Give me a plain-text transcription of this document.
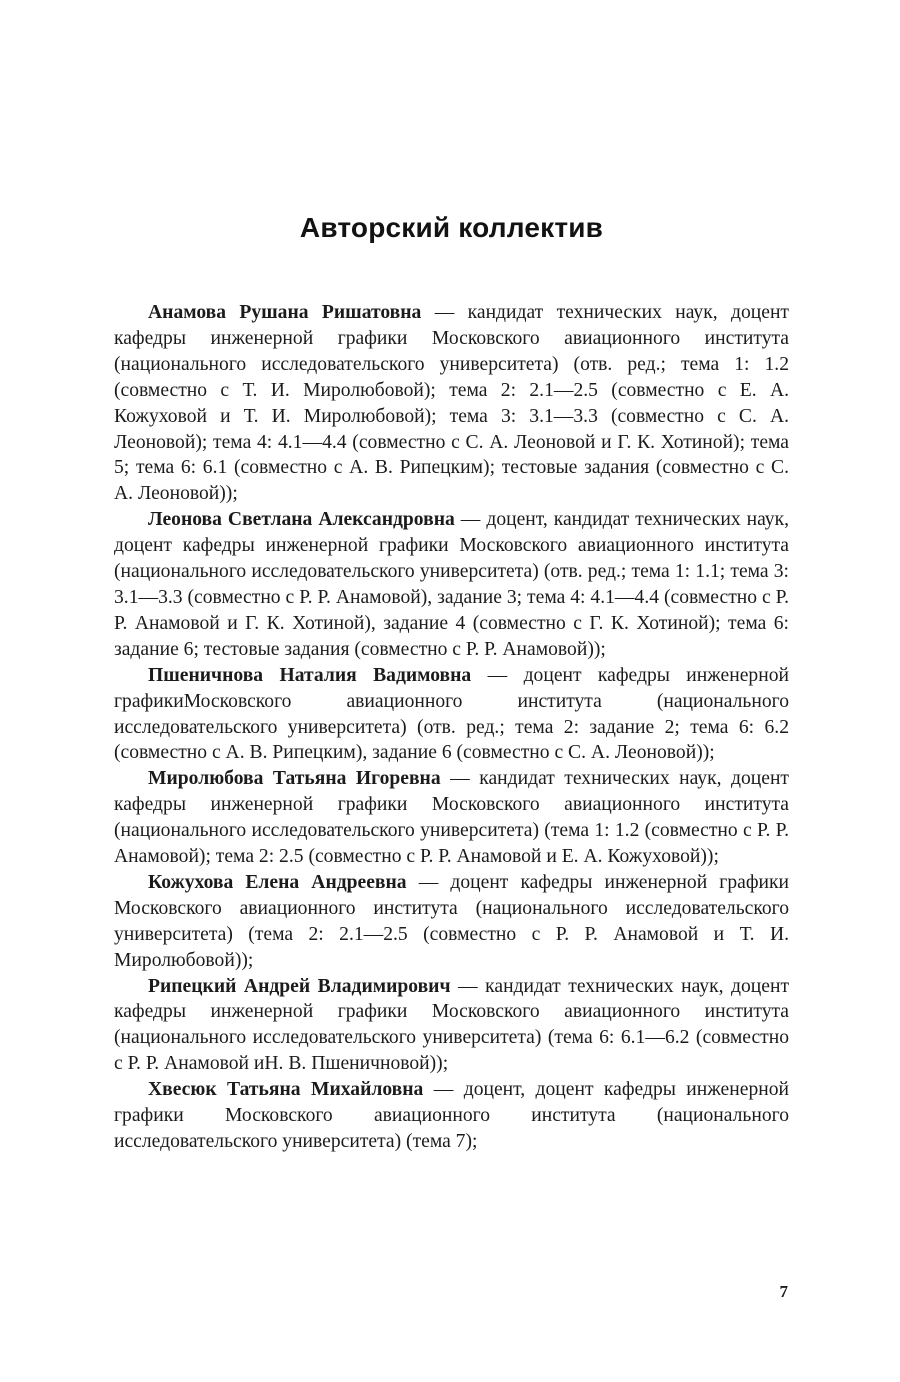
Авторский коллектив

Анамова Рушана Ришатовна — кандидат технических наук, доцент кафедры инженерной графики Московского авиационного института (национального исследовательского университета) (отв. ред.; тема 1: 1.2 (совместно с Т. И. Миролюбовой); тема 2: 2.1—2.5 (совместно с Е. А. Кожуховой и Т. И. Миролюбовой); тема 3: 3.1—3.3 (совместно с С. А. Леоновой); тема 4: 4.1—4.4 (совместно с С. А. Леоновой и Г. К. Хотиной); тема 5; тема 6: 6.1 (совместно с А. В. Рипецким); тестовые задания (совместно с С. А. Леоновой));

Леонова Светлана Александровна — доцент, кандидат технических наук, доцент кафедры инженерной графики Московского авиационного института (национального исследовательского университета) (отв. ред.; тема 1: 1.1; тема 3: 3.1—3.3 (совместно с Р. Р. Анамовой), задание 3; тема 4: 4.1—4.4 (совместно с Р. Р. Анамовой и Г. К. Хотиной), задание 4 (совместно с Г. К. Хотиной); тема 6: задание 6; тестовые задания (совместно с Р. Р. Анамовой));

Пшеничнова Наталия Вадимовна — доцент кафедры инженерной графикиМосковского авиационного института (национального исследовательского университета) (отв. ред.; тема 2: задание 2; тема 6: 6.2 (совместно с А. В. Рипецким), задание 6 (совместно с С. А. Леоновой));

Миролюбова Татьяна Игоревна — кандидат технических наук, доцент кафедры инженерной графики Московского авиационного института (национального исследовательского университета) (тема 1: 1.2 (совместно с Р. Р. Анамовой); тема 2: 2.5 (совместно с Р. Р. Анамовой и Е. А. Кожуховой));

Кожухова Елена Андреевна — доцент кафедры инженерной графики Московского авиационного института (национального исследовательского университета) (тема 2: 2.1—2.5 (совместно с Р. Р. Анамовой и Т. И. Миролюбовой));

Рипецкий Андрей Владимирович — кандидат технических наук, доцент кафедры инженерной графики Московского авиационного института (национального исследовательского университета) (тема 6: 6.1—6.2 (совместно с Р. Р. Анамовой иН. В. Пшеничновой));

Хвесюк Татьяна Михайловна — доцент, доцент кафедры инженерной графики Московского авиационного института (национального исследовательского университета) (тема 7);

7
